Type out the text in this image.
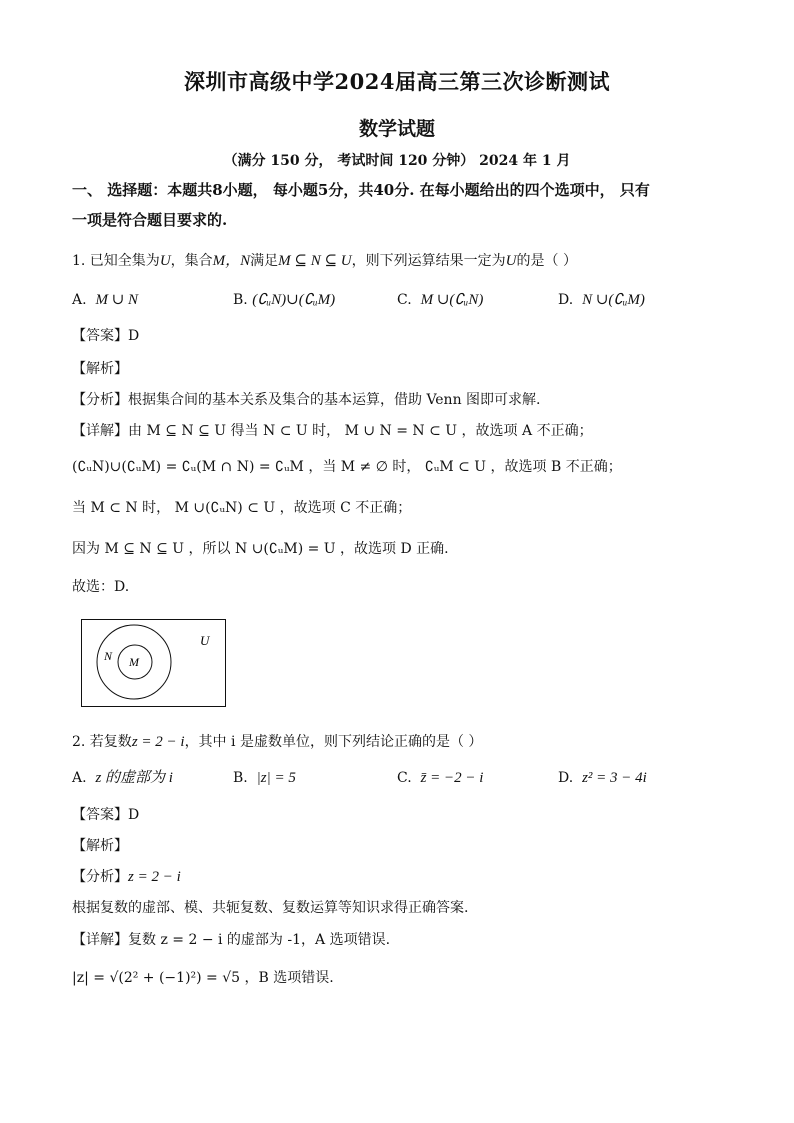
深圳市高级中学2024届高三第三次诊断测试
数学试题
（满分 150 分， 考试时间 120 分钟） 2024 年 1 月
一、 选择题：本题共8小题， 每小题5分，共40分. 在每小题给出的四个选项中， 只有
一项是符合题目要求的.
1. 已知全集为U，集合M，N满足M ⊆ N ⊆ U，则下列运算结果一定为U的是（ ）
A. M ∪ N	B. (∁ᵤN)∪(∁ᵤM)	C. M ∪(∁ᵤN)	D. N ∪(∁ᵤM)
【答案】D
【解析】
【分析】根据集合间的基本关系及集合的基本运算，借助 Venn 图即可求解.
【详解】由 M ⊆ N ⊆ U 得当 N ⊂ U 时， M ∪ N = N ⊂ U ，故选项 A 不正确；
(∁ᵤN)∪(∁ᵤM) = ∁ᵤ(M ∩ N) = ∁ᵤM ，当 M ≠ ∅ 时， ∁ᵤM ⊂ U ，故选项 B 不正确；
当 M ⊂ N 时， M ∪(∁ᵤN) ⊂ U ，故选项 C 不正确；
因为 M ⊆ N ⊆ U ，所以 N ∪(∁ᵤM) = U ，故选项 D 正确.
故选：D.
U
N M
2. 若复数z = 2 − i，其中 i 是虚数单位，则下列结论正确的是（ ）
A. z 的虚部为 i	B. |z| = 5	C. z̄ = −2 − i	D. z² = 3 − 4i
【答案】D
【解析】
【分析】z = 2 − i
根据复数的虚部、模、共轭复数、复数运算等知识求得正确答案.
【详解】复数 z = 2 − i 的虚部为 -1，A 选项错误.
|z| = √(2² + (−1)²) = √5 ，B 选项错误.
